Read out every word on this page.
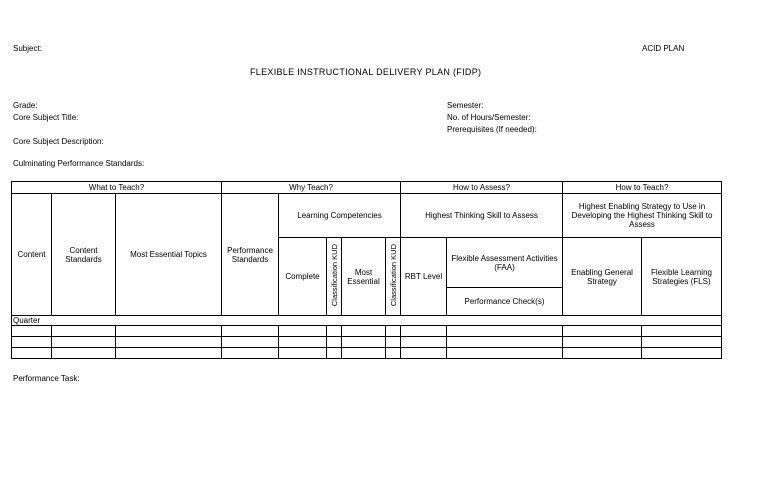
Subject:	ACID PLAN
FLEXIBLE INSTRUCTIONAL DELIVERY PLAN (FIDP)
Grade:
Core Subject Title:
Core Subject Description:
Culminating Performance Standards:
Semester:
No. of Hours/Semester:
Prerequisites (If needed):
What to Teach?			Why Teach?					How to Assess?		How to Teach?	
Content	Content Standards	Most Essential Topics	Performance Standards	Learning Competencies				Highest Thinking Skill to Assess		Highest Enabling Strategy to Use in Developing the Highest Thinking Skill to Assess	
				Complete	Classification KUD	Most Essential	Classification KUD	RBT Level	Flexible Assessment Activities (FAA)	Enabling General Strategy	Flexible Learning Strategies (FLS)
									Performance Check(s)		
Quarter											

Performance Task:
